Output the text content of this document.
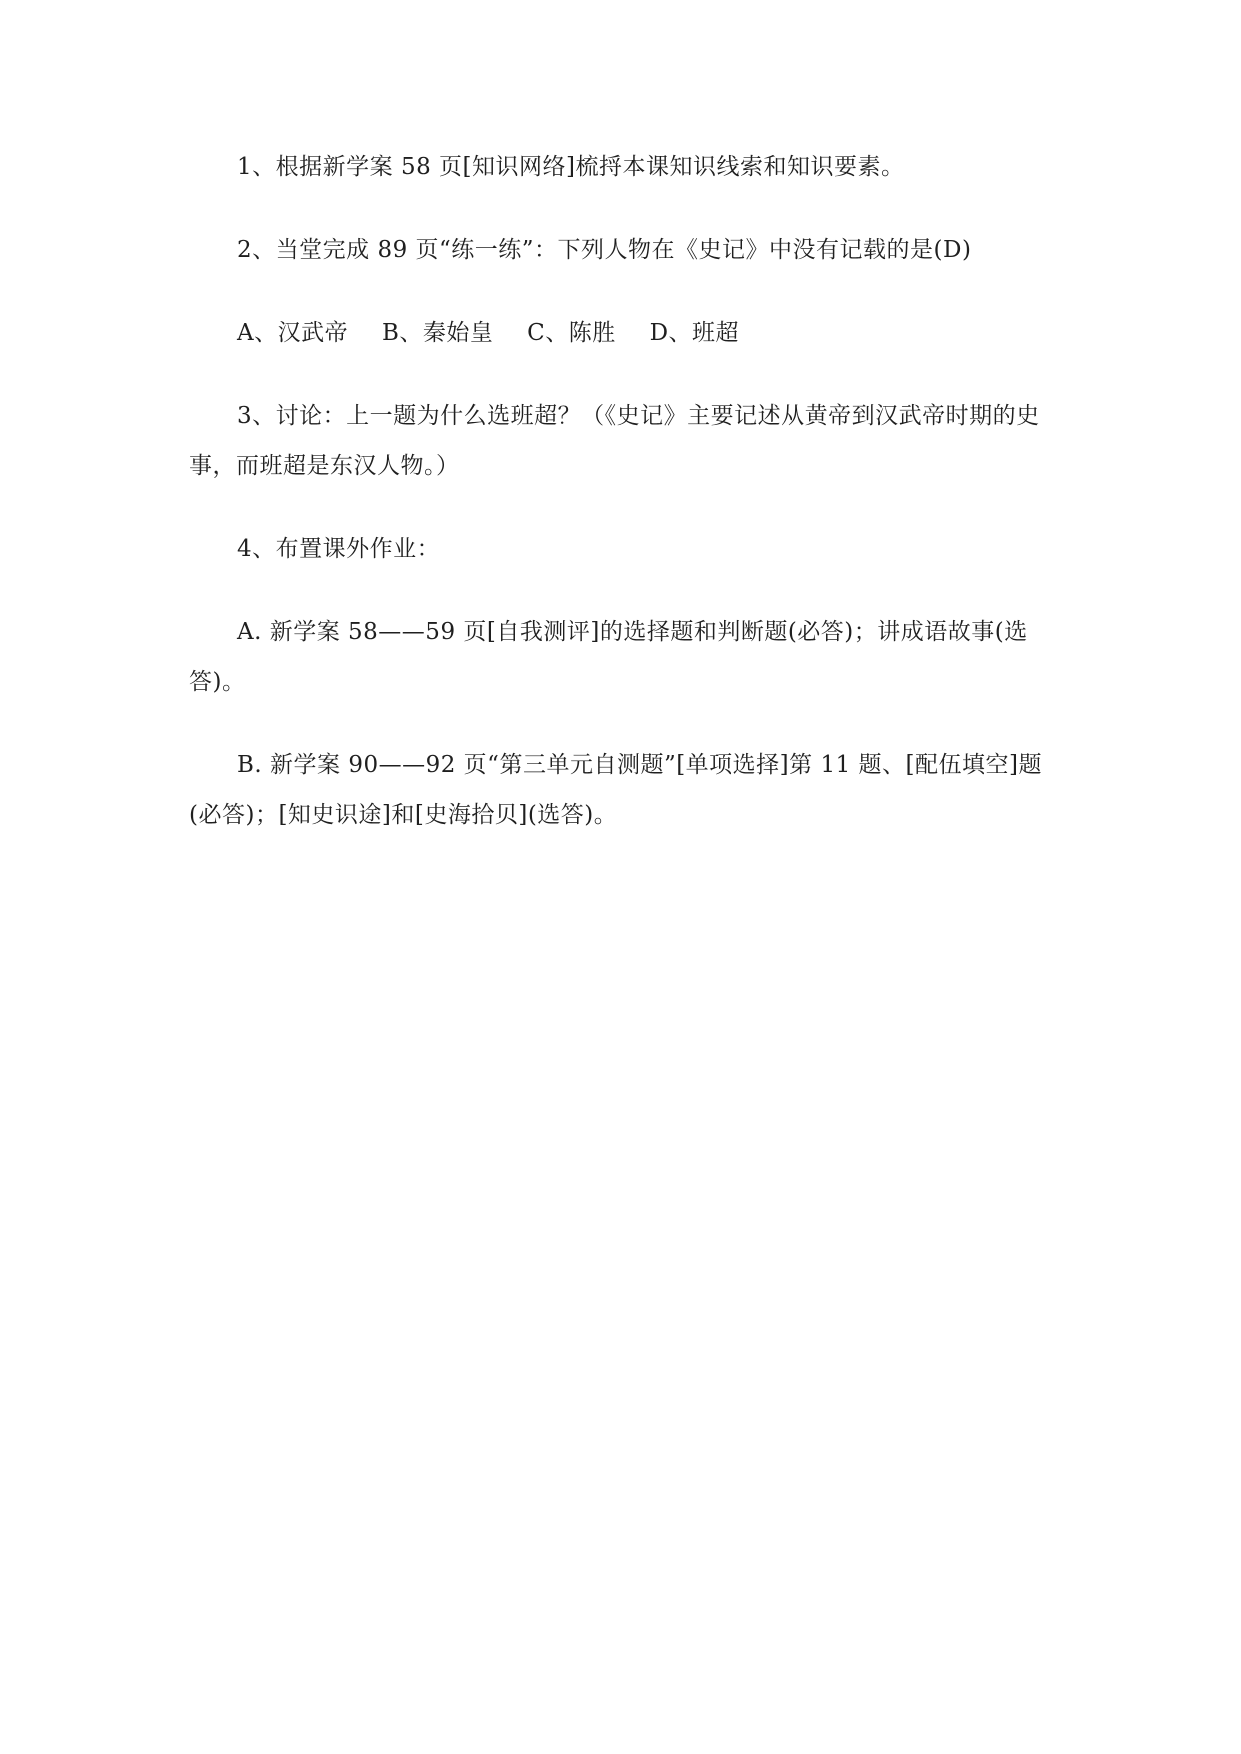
1、根据新学案 58 页[知识网络]梳捋本课知识线索和知识要素。

2、当堂完成 89 页“练一练”：下列人物在《史记》中没有记载的是(D)

A、汉武帝 B、秦始皇 C、陈胜 D、班超

3、讨论：上一题为什么选班超？（《史记》主要记述从黄帝到汉武帝时期的史事，而班超是东汉人物。）

4、布置课外作业：

A. 新学案 58——59 页[自我测评]的选择题和判断题(必答)；讲成语故事(选答)。

B. 新学案 90——92 页“第三单元自测题”[单项选择]第 11 题、[配伍填空]题(必答)；[知史识途]和[史海拾贝](选答)。
